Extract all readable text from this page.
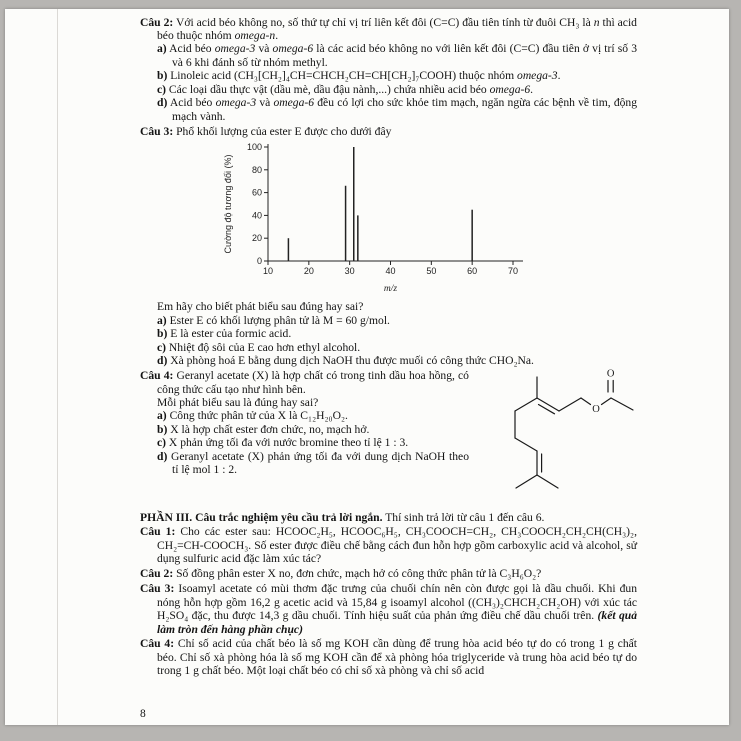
Câu 2: Với acid béo không no, số thứ tự chỉ vị trí liên kết đôi (C=C) đầu tiên tính từ đuôi CH₃ là n thì acid béo thuộc nhóm omega-n.
a) Acid béo omega-3 và omega-6 là các acid béo không no với liên kết đôi (C=C) đầu tiên ở vị trí số 3 và 6 khi đánh số từ nhóm methyl.
b) Linoleic acid (CH₃[CH₂]₄CH=CHCH₂CH=CH[CH₂]₇COOH) thuộc nhóm omega-3.
c) Các loại dầu thực vật (dầu mè, dầu đậu nành,...) chứa nhiều acid béo omega-6.
d) Acid béo omega-3 và omega-6 đều có lợi cho sức khỏe tim mạch, ngăn ngừa các bệnh về tim, động mạch vành.
Câu 3: Phổ khối lượng của ester E được cho dưới đây
0
20
40
60
80
100
10	20	30	40	50	60	70
m/z
Cường độ tương đối (%)
Em hãy cho biết phát biểu sau đúng hay sai?
a) Ester E có khối lượng phân tử là M = 60 g/mol.
b) E là ester của formic acid.
c) Nhiệt độ sôi của E cao hơn ethyl alcohol.
d) Xà phòng hoá E bằng dung dịch NaOH thu được muối có công thức CHO₂Na.
O
O
Câu 4: Geranyl acetate (X) là hợp chất có trong tinh dầu hoa hồng, có công thức cấu tạo như hình bên.
Mỗi phát biểu sau là đúng hay sai?
a) Công thức phân tử của X là C₁₂H₂₀O₂.
b) X là hợp chất ester đơn chức, no, mạch hở.
c) X phản ứng tối đa với nước bromine theo tỉ lệ 1 : 3.
d) Geranyl acetate (X) phản ứng tối đa với dung dịch NaOH theo tỉ lệ mol 1 : 2.
PHẦN III. Câu trắc nghiệm yêu cầu trả lời ngắn. Thí sinh trả lời từ câu 1 đến câu 6.
Câu 1: Cho các ester sau: HCOOC₂H₅, HCOOC₆H₅, CH₃COOCH=CH₂, CH₃COOCH₂CH₂CH(CH₃)₂, CH₂=CH-COOCH₃. Số ester được điều chế bằng cách đun hỗn hợp gồm carboxylic acid và alcohol, sử dụng sulfuric acid đặc làm xúc tác?
Câu 2: Số đồng phân ester X no, đơn chức, mạch hở có công thức phân tử là C₃H₆O₂?
Câu 3: Isoamyl acetate có mùi thơm đặc trưng của chuối chín nên còn được gọi là dầu chuối. Khi đun nóng hỗn hợp gồm 16,2 g acetic acid và 15,84 g isoamyl alcohol ((CH₃)₂CHCH₂CH₂OH) với xúc tác H₂SO₄ đặc, thu được 14,3 g dầu chuối. Tính hiệu suất của phản ứng điều chế dầu chuối trên. (kết quả làm tròn đến hàng phần chục)
Câu 4: Chỉ số acid của chất béo là số mg KOH cần dùng để trung hòa acid béo tự do có trong 1 g chất béo. Chỉ số xà phòng hóa là số mg KOH cần để xà phòng hóa triglyceride và trung hòa acid béo tự do trong 1 g chất béo. Một loại chất béo có chỉ số xà phòng và chỉ số acid
8
